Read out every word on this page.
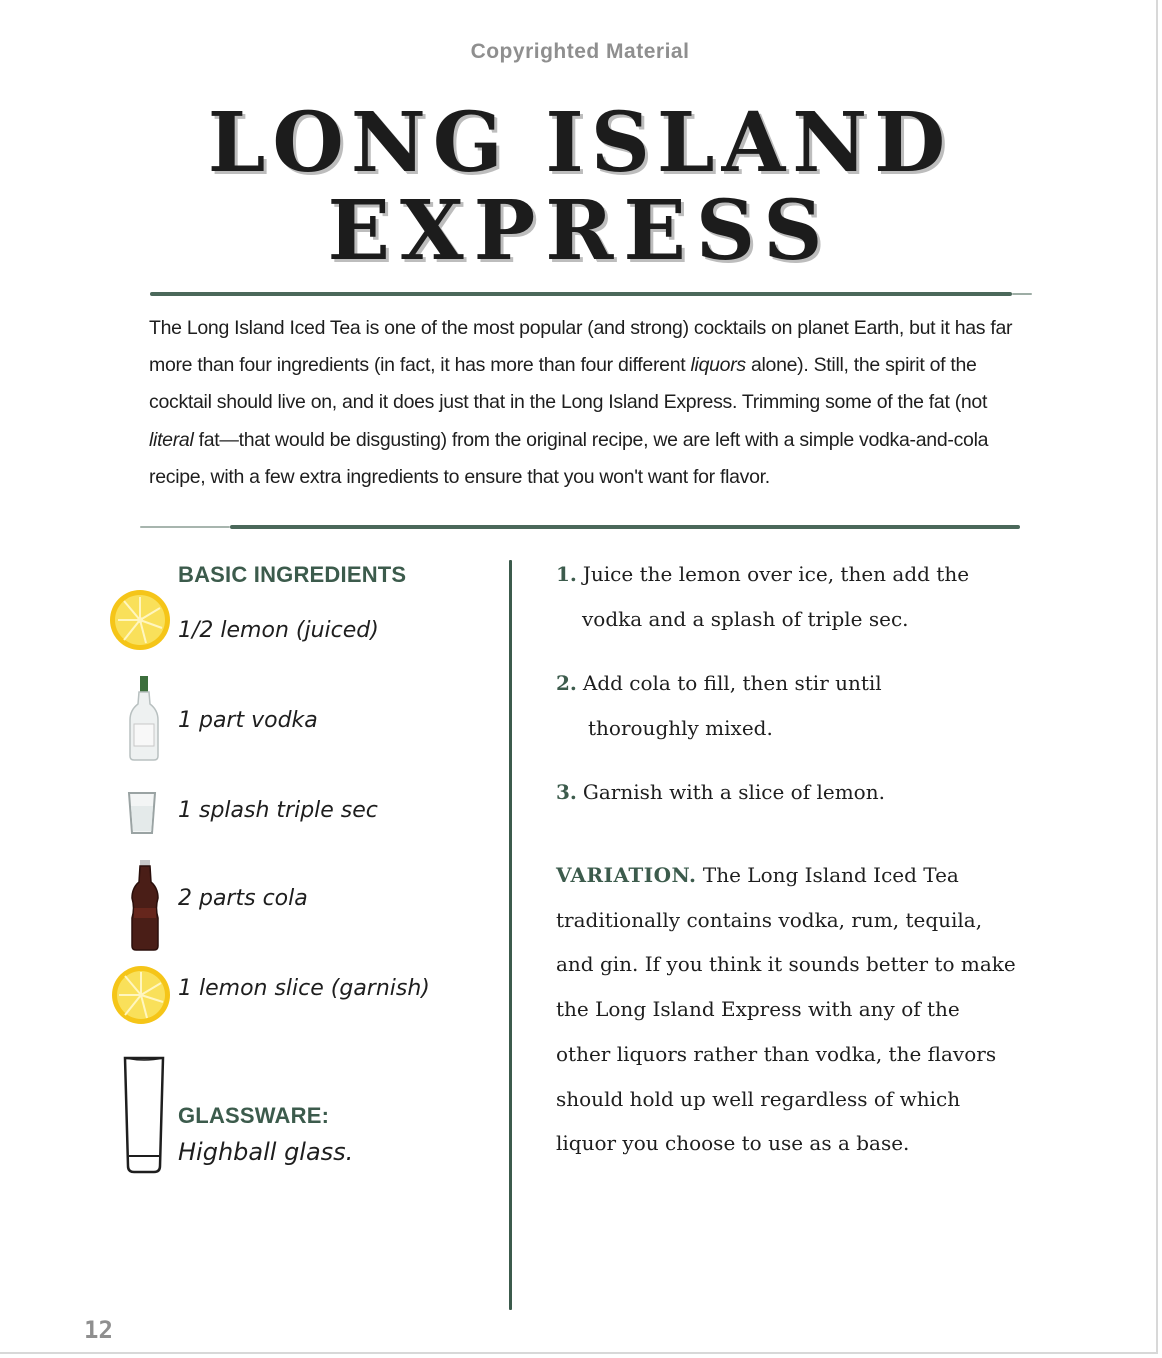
Copyrighted Material
LONG ISLAND
EXPRESS
The Long Island Iced Tea is one of the most popular (and strong) cocktails on planet Earth, but it has far more than four ingredients (in fact, it has more than four different liquors alone). Still, the spirit of the cocktail should live on, and it does just that in the Long Island Express. Trimming some of the fat (not literal fat—that would be disgusting) from the original recipe, we are left with a simple vodka-and-cola recipe, with a few extra ingredients to ensure that you won't want for flavor.
BASIC INGREDIENTS
1/2 lemon (juiced)
1 part vodka
1 splash triple sec
2 parts cola
1 lemon slice (garnish)
GLASSWARE:
Highball glass.
1. Juice the lemon over ice, then add the
vodka and a splash of triple sec.
2. Add cola to fill, then stir until
thoroughly mixed.
3. Garnish with a slice of lemon.
VARIATION. The Long Island Iced Tea traditionally contains vodka, rum, tequila, and gin. If you think it sounds better to make the Long Island Express with any of the other liquors rather than vodka, the flavors should hold up well regardless of which liquor you choose to use as a base.
12
